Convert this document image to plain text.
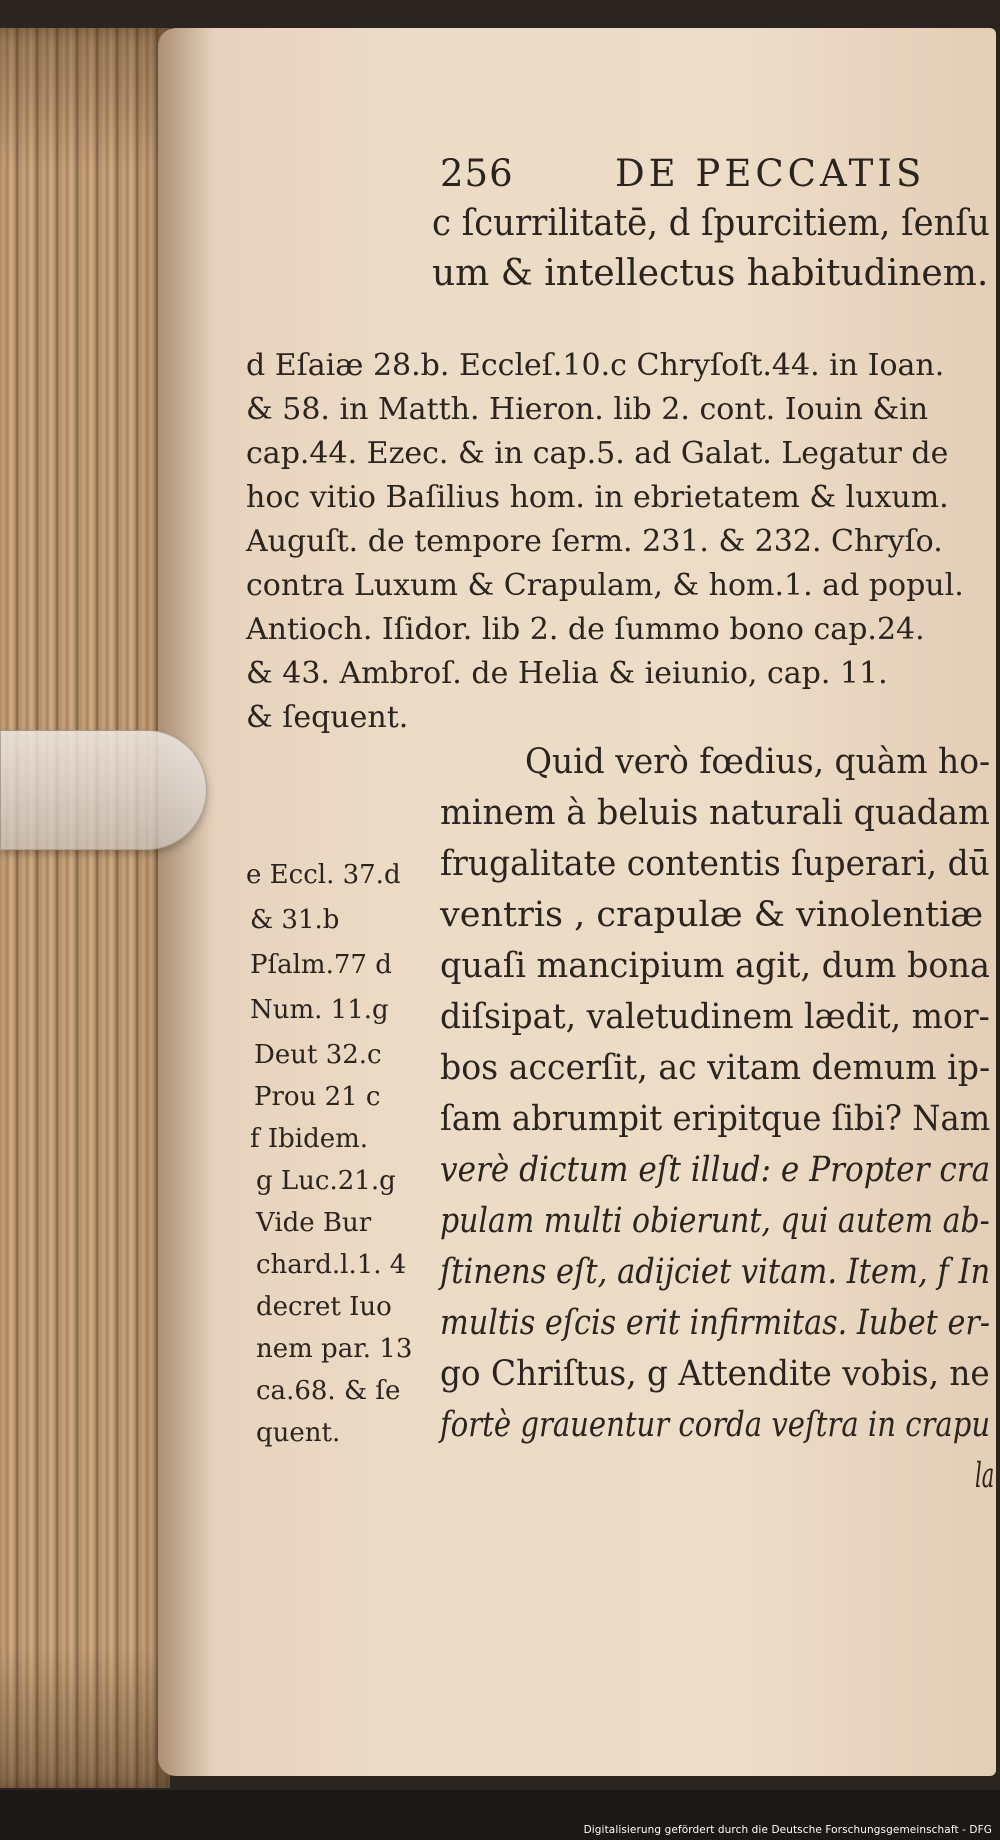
256	DE PECCATIS
c ſcurrilitatē, d ſpurcitiem, ſenſu
um & intellectus habitudinem.
d Eſaiæ 28.b. Eccleſ.10.c Chryſoſt.44. in Ioan.
& 58. in Matth. Hieron. lib 2. cont. Iouin &in
cap.44. Ezec. & in cap.5. ad Galat. Legatur de
hoc vitio Baſilius hom. in ebrietatem & luxum.
Auguſt. de tempore ſerm. 231. & 232. Chryſo.
contra Luxum & Crapulam, & hom.1. ad popul.
Antioch. Iſidor. lib 2. de ſummo bono cap.24.
& 43. Ambroſ. de Helia & ieiunio, cap. 11.
& ſequent.
Quid verò fœdius, quàm ho-
minem à beluis naturali quadam
frugalitate contentis ſuperari, dū
ventris , crapulæ & vinolentiæ
quaſi mancipium agit, dum bona
diſsipat, valetudinem lædit, mor-
bos accerſit, ac vitam demum ip-
ſam abrumpit eripitque ſibi? Nam
verè dictum eſt illud: e Propter cra
pulam multi obierunt, qui autem ab-
ſtinens eſt, adijciet vitam. Item, f In
multis eſcis erit infirmitas. Iubet er-
go Chriſtus, g Attendite vobis, ne
fortè grauentur corda veſtra in crapu
la
e Eccl. 37.d
& 31.b
Pſalm.77 d
Num. 11.g
Deut 32.c
Prou 21 c
f Ibidem.
g Luc.21.g
Vide Bur
chard.l.1. 4
decret Iuo
nem par. 13
ca.68. & ſe
quent.
Digitalisierung gefördert durch die Deutsche Forschungsgemeinschaft - DFG
